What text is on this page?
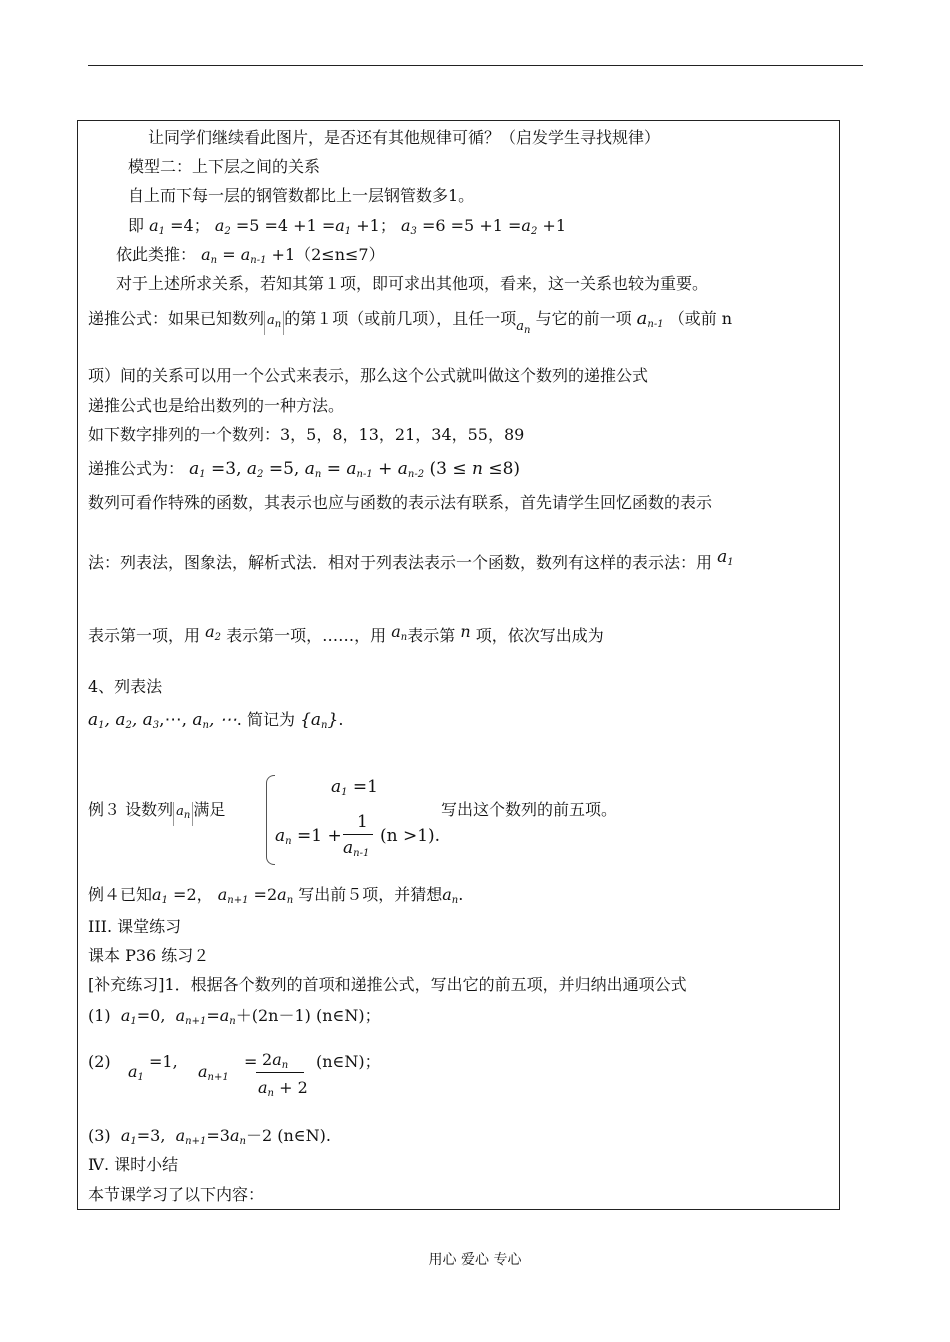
让同学们继续看此图片，是否还有其他规律可循？（启发学生寻找规律）
模型二：上下层之间的关系
自上而下每一层的钢管数都比上一层钢管数多1。
即 $a_1 =4$； $a_2 =5 =4 +1 =a_1 +1$； $a_3 =6 =5 +1 =a_2 +1$
依此类推： $a_n = a_{n-1} +1(2\le n\le 7)$
对于上述所求关系，若知其第１项，即可求出其他项，看来，这一关系也较为重要。
递推公式：如果已知数列 $a_n$ 的第１项（或前几项），且任一项$_{a_n}$ 与它的前一项 $a_{n-1}$ （或前 n
项）间的关系可以用一个公式来表示，那么这个公式就叫做这个数列的递推公式
递推公式也是给出数列的一种方法。
如下数字排列的一个数列：3，5，8，13，21，34，55，89
递推公式为： $a_1 =3$, $a_2 =5$, $a_n = a_{n-1} + a_{n-2}$ (3 ≤ n ≤8)
数列可看作特殊的函数，其表示也应与函数的表示法有联系，首先请学生回忆函数的表示
法：列表法，图象法，解析式法．相对于列表法表示一个函数，数列有这样的表示法：用 $a_1$
表示第一项，用 $a_2$ 表示第一项，……，用 $a_n$表示第 n 项，依次写出成为
4、列表法
$a_1$, $a_2$, $a_3,\cdots$, $a_n$, ⋯. 简记为 $\{a_n\}$.
例３ 设数列 $a_n$ 满足
$a_1 =1$
$a_n =1$ +
1
$a_{n-1}$
(n >1).
写出这个数列的前五项。
例４已知$a_1 =2$， $a_{n+1} =2a_n$ 写出前５项，并猜想$a_n$.
III. 课堂练习
课本 P36 练习２
[补充练习]1．根据各个数列的首项和递推公式，写出它的前五项，并归纳出通项公式
(1) $a_1=0$, $a_{n+1}=a_n+(2n-1)$ (n∈N)；
(2)
$a_1 =1$,
$a_{n+1} = 2a_n$
$a_n + 2$
(n∈N)；
(3) $a_1=3$, $a_{n+1}=3a_n-2$ (n∈N).
Ⅳ. 课时小结
本节课学习了以下内容：
用心 爱心 专心
